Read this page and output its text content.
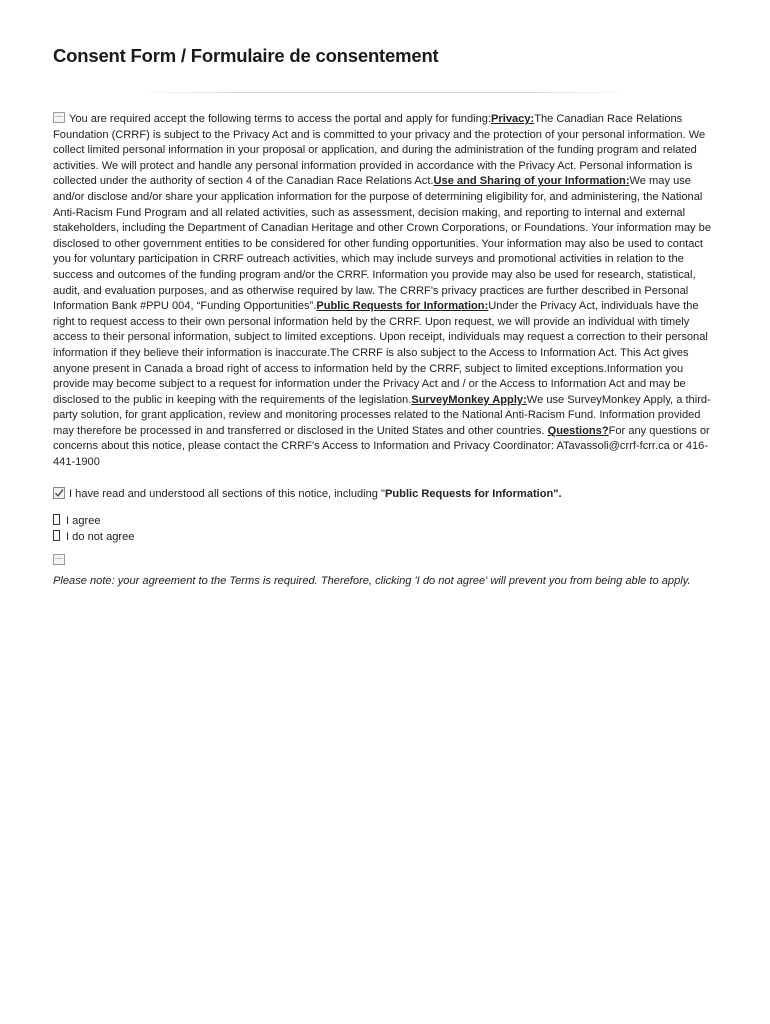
Consent Form / Formulaire de consentement
You are required accept the following terms to access the portal and apply for funding:Privacy:The Canadian Race Relations Foundation (CRRF) is subject to the Privacy Act and is committed to your privacy and the protection of your personal information. We collect limited personal information in your proposal or application, and during the administration of the funding program and related activities. We will protect and handle any personal information provided in accordance with the Privacy Act. Personal information is collected under the authority of section 4 of the Canadian Race Relations Act.Use and Sharing of your Information:We may use and/or disclose and/or share your application information for the purpose of determining eligibility for, and administering, the National Anti-Racism Fund Program and all related activities, such as assessment, decision making, and reporting to internal and external stakeholders, including the Department of Canadian Heritage and other Crown Corporations, or Foundations. Your information may be disclosed to other government entities to be considered for other funding opportunities. Your information may also be used to contact you for voluntary participation in CRRF outreach activities, which may include surveys and promotional activities in relation to the success and outcomes of the funding program and/or the CRRF. Information you provide may also be used for research, statistical, audit, and evaluation purposes, and as otherwise required by law. The CRRF's privacy practices are further described in Personal Information Bank #PPU 004, “Funding Opportunities”.Public Requests for Information:Under the Privacy Act, individuals have the right to request access to their own personal information held by the CRRF. Upon request, we will provide an individual with timely access to their personal information, subject to limited exceptions. Upon receipt, individuals may request a correction to their personal information if they believe their information is inaccurate.The CRRF is also subject to the Access to Information Act. This Act gives anyone present in Canada a broad right of access to information held by the CRRF, subject to limited exceptions.Information you provide may become subject to a request for information under the Privacy Act and / or the Access to Information Act and may be disclosed to the public in keeping with the requirements of the legislation.SurveyMonkey Apply:We use SurveyMonkey Apply, a third-party solution, for grant application, review and monitoring processes related to the National Anti-Racism Fund. Information provided may therefore be processed in and transferred or disclosed in the United States and other countries. Questions?For any questions or concerns about this notice, please contact the CRRF's Access to Information and Privacy Coordinator: ATavassoli@crrf-fcrr.ca or 416-441-1900
I have read and understood all sections of this notice, including "Public Requests for Information".
I agree
I do not agree
Please note: your agreement to the Terms is required. Therefore, clicking 'I do not agree' will prevent you from being able to apply.
